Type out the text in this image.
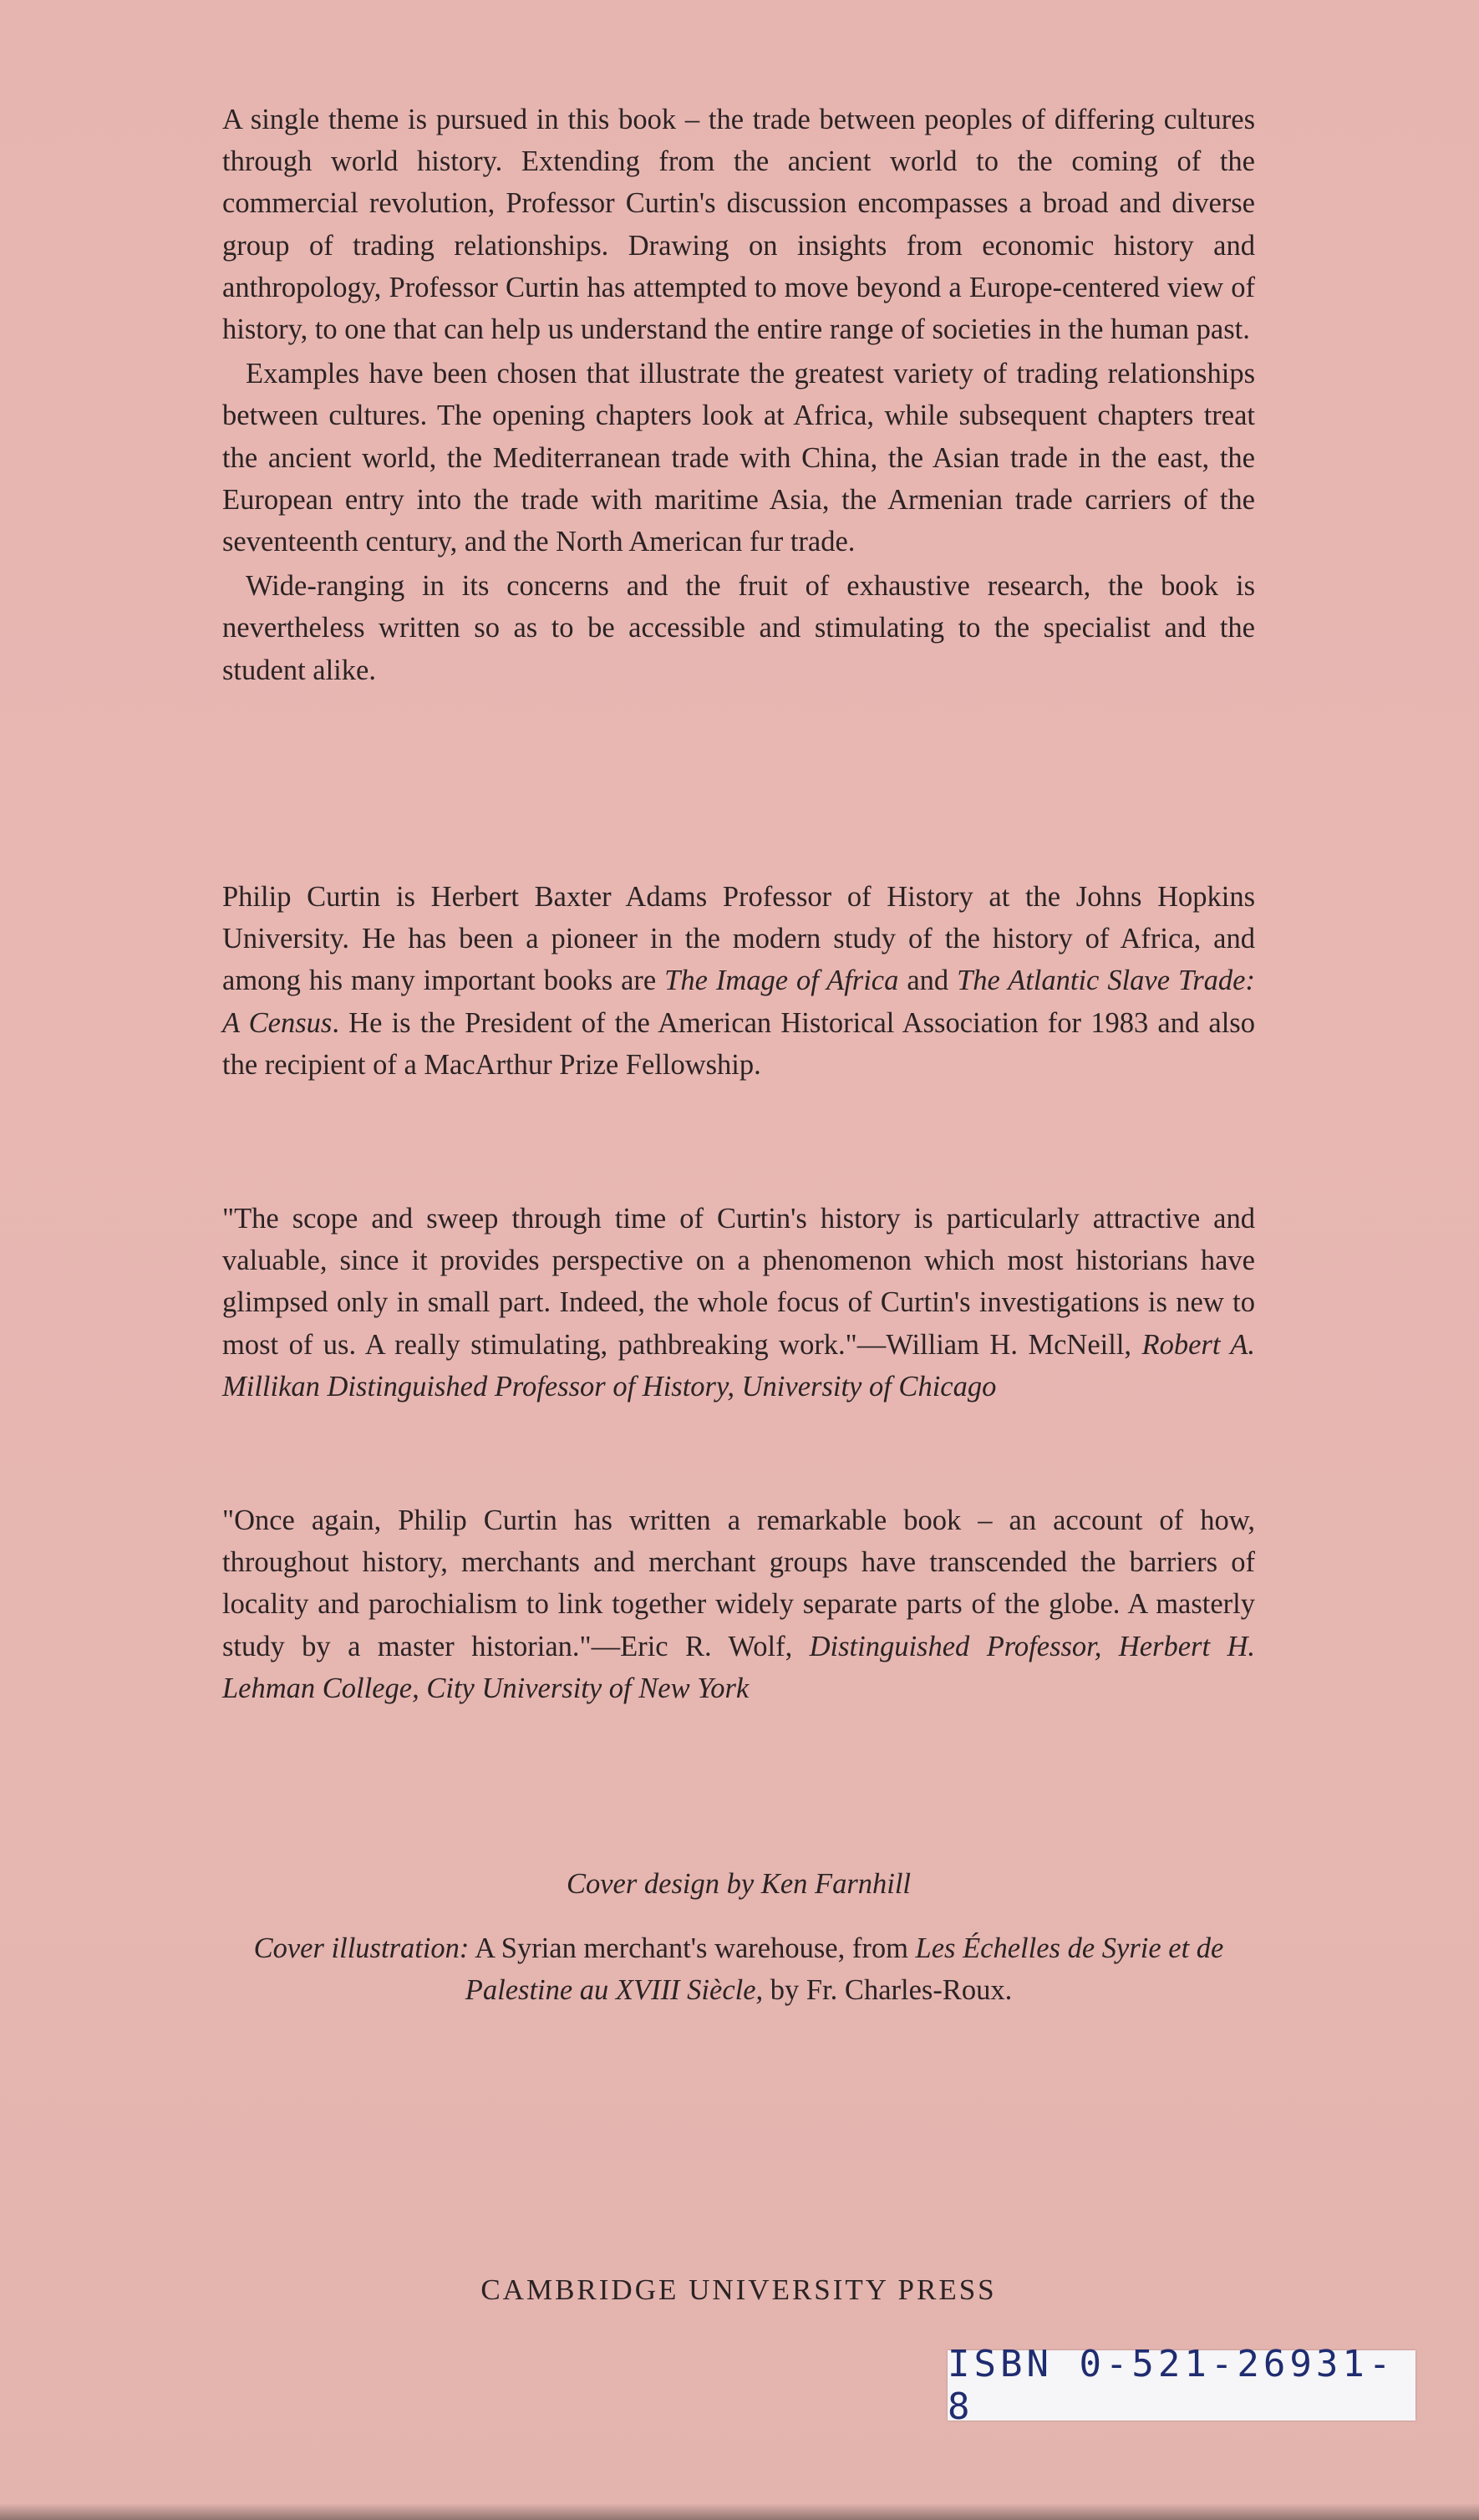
A single theme is pursued in this book – the trade between peoples of differing cultures through world history. Extending from the ancient world to the coming of the commercial revolution, Professor Curtin's discussion encompasses a broad and diverse group of trading relationships. Drawing on insights from economic history and anthropology, Professor Curtin has attempted to move beyond a Europe-centered view of history, to one that can help us understand the entire range of societies in the human past.

Examples have been chosen that illustrate the greatest variety of trading relationships between cultures. The opening chapters look at Africa, while subsequent chapters treat the ancient world, the Mediterranean trade with China, the Asian trade in the east, the European entry into the trade with maritime Asia, the Armenian trade carriers of the seventeenth century, and the North American fur trade.

Wide-ranging in its concerns and the fruit of exhaustive research, the book is nevertheless written so as to be accessible and stimulating to the specialist and the student alike.

Philip Curtin is Herbert Baxter Adams Professor of History at the Johns Hopkins University. He has been a pioneer in the modern study of the history of Africa, and among his many important books are The Image of Africa and The Atlantic Slave Trade: A Census. He is the President of the American Historical Association for 1983 and also the recipient of a MacArthur Prize Fellowship.

"The scope and sweep through time of Curtin's history is particularly attractive and valuable, since it provides perspective on a phenomenon which most historians have glimpsed only in small part. Indeed, the whole focus of Curtin's investigations is new to most of us. A really stimulating, pathbreaking work."—William H. McNeill, Robert A. Millikan Distinguished Professor of History, University of Chicago

"Once again, Philip Curtin has written a remarkable book – an account of how, throughout history, merchants and merchant groups have transcended the barriers of locality and parochialism to link together widely separate parts of the globe. A masterly study by a master historian."—Eric R. Wolf, Distinguished Professor, Herbert H. Lehman College, City University of New York

Cover design by Ken Farnhill
Cover illustration: A Syrian merchant's warehouse, from Les Échelles de Syrie et de Palestine au XVIII Siècle, by Fr. Charles-Roux.
CAMBRIDGE UNIVERSITY PRESS
ISBN 0-521-26931-8
